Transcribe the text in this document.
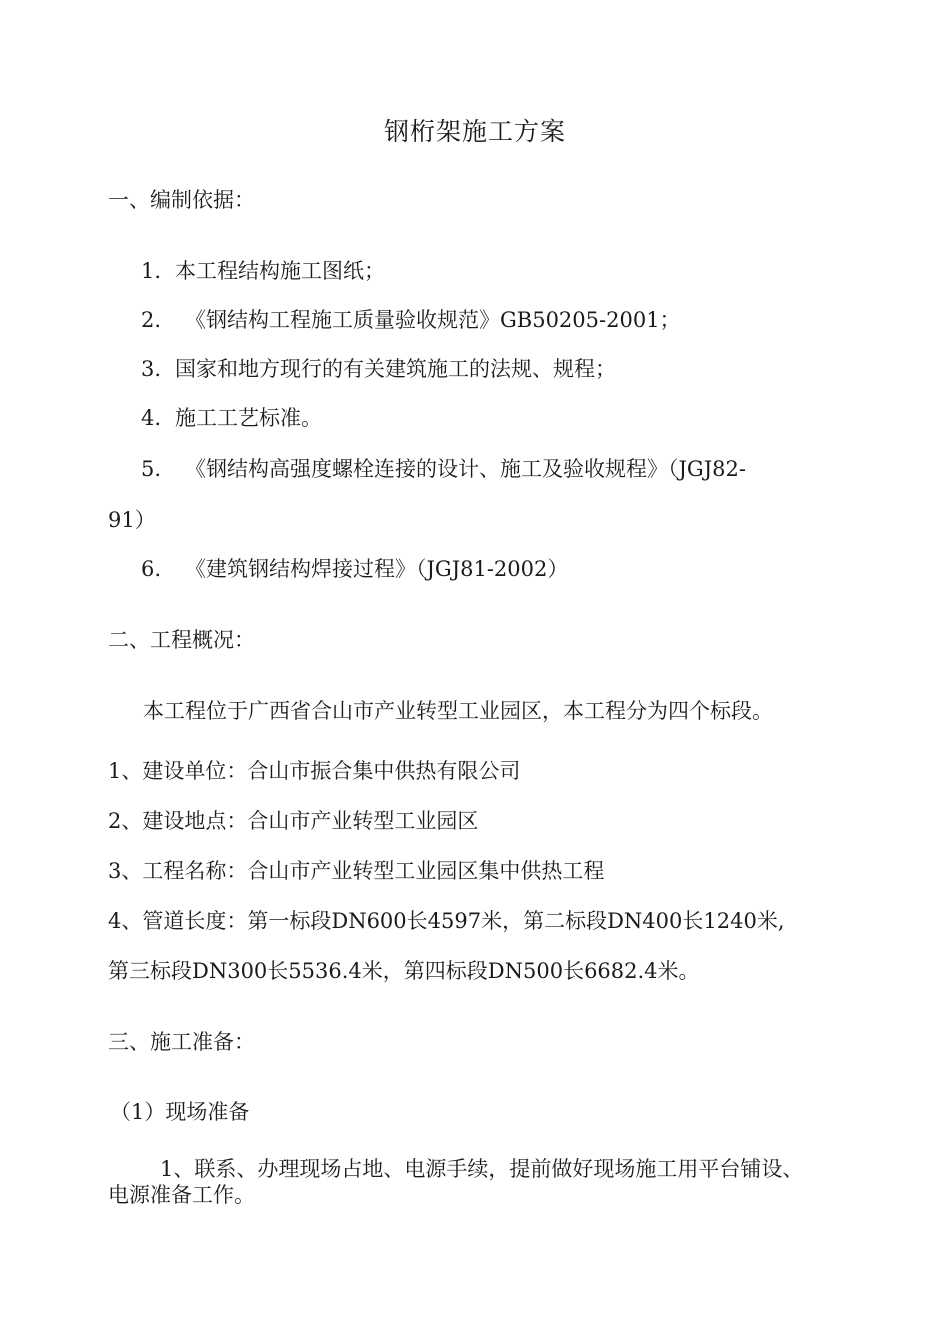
钢桁架施工方案
一、编制依据：
1. 本工程结构施工图纸；
2. 《钢结构工程施工质量验收规范》GB50205-2001；
3. 国家和地方现行的有关建筑施工的法规、规程；
4. 施工工艺标准。
5. 《钢结构高强度螺栓连接的设计、施工及验收规程》（JGJ82-
91）
6. 《建筑钢结构焊接过程》（JGJ81-2002）
二、工程概况：
本工程位于广西省合山市产业转型工业园区，本工程分为四个标段。
1、建设单位：合山市振合集中供热有限公司
2、建设地点：合山市产业转型工业园区
3、工程名称：合山市产业转型工业园区集中供热工程
4、管道长度：第一标段DN600长4597米，第二标段DN400长1240米,
第三标段DN300长5536.4米，第四标段DN500长6682.4米。
三、施工准备：
（1）现场准备
1、联系、办理现场占地、电源手续，提前做好现场施工用平台铺设、
电源准备工作。
